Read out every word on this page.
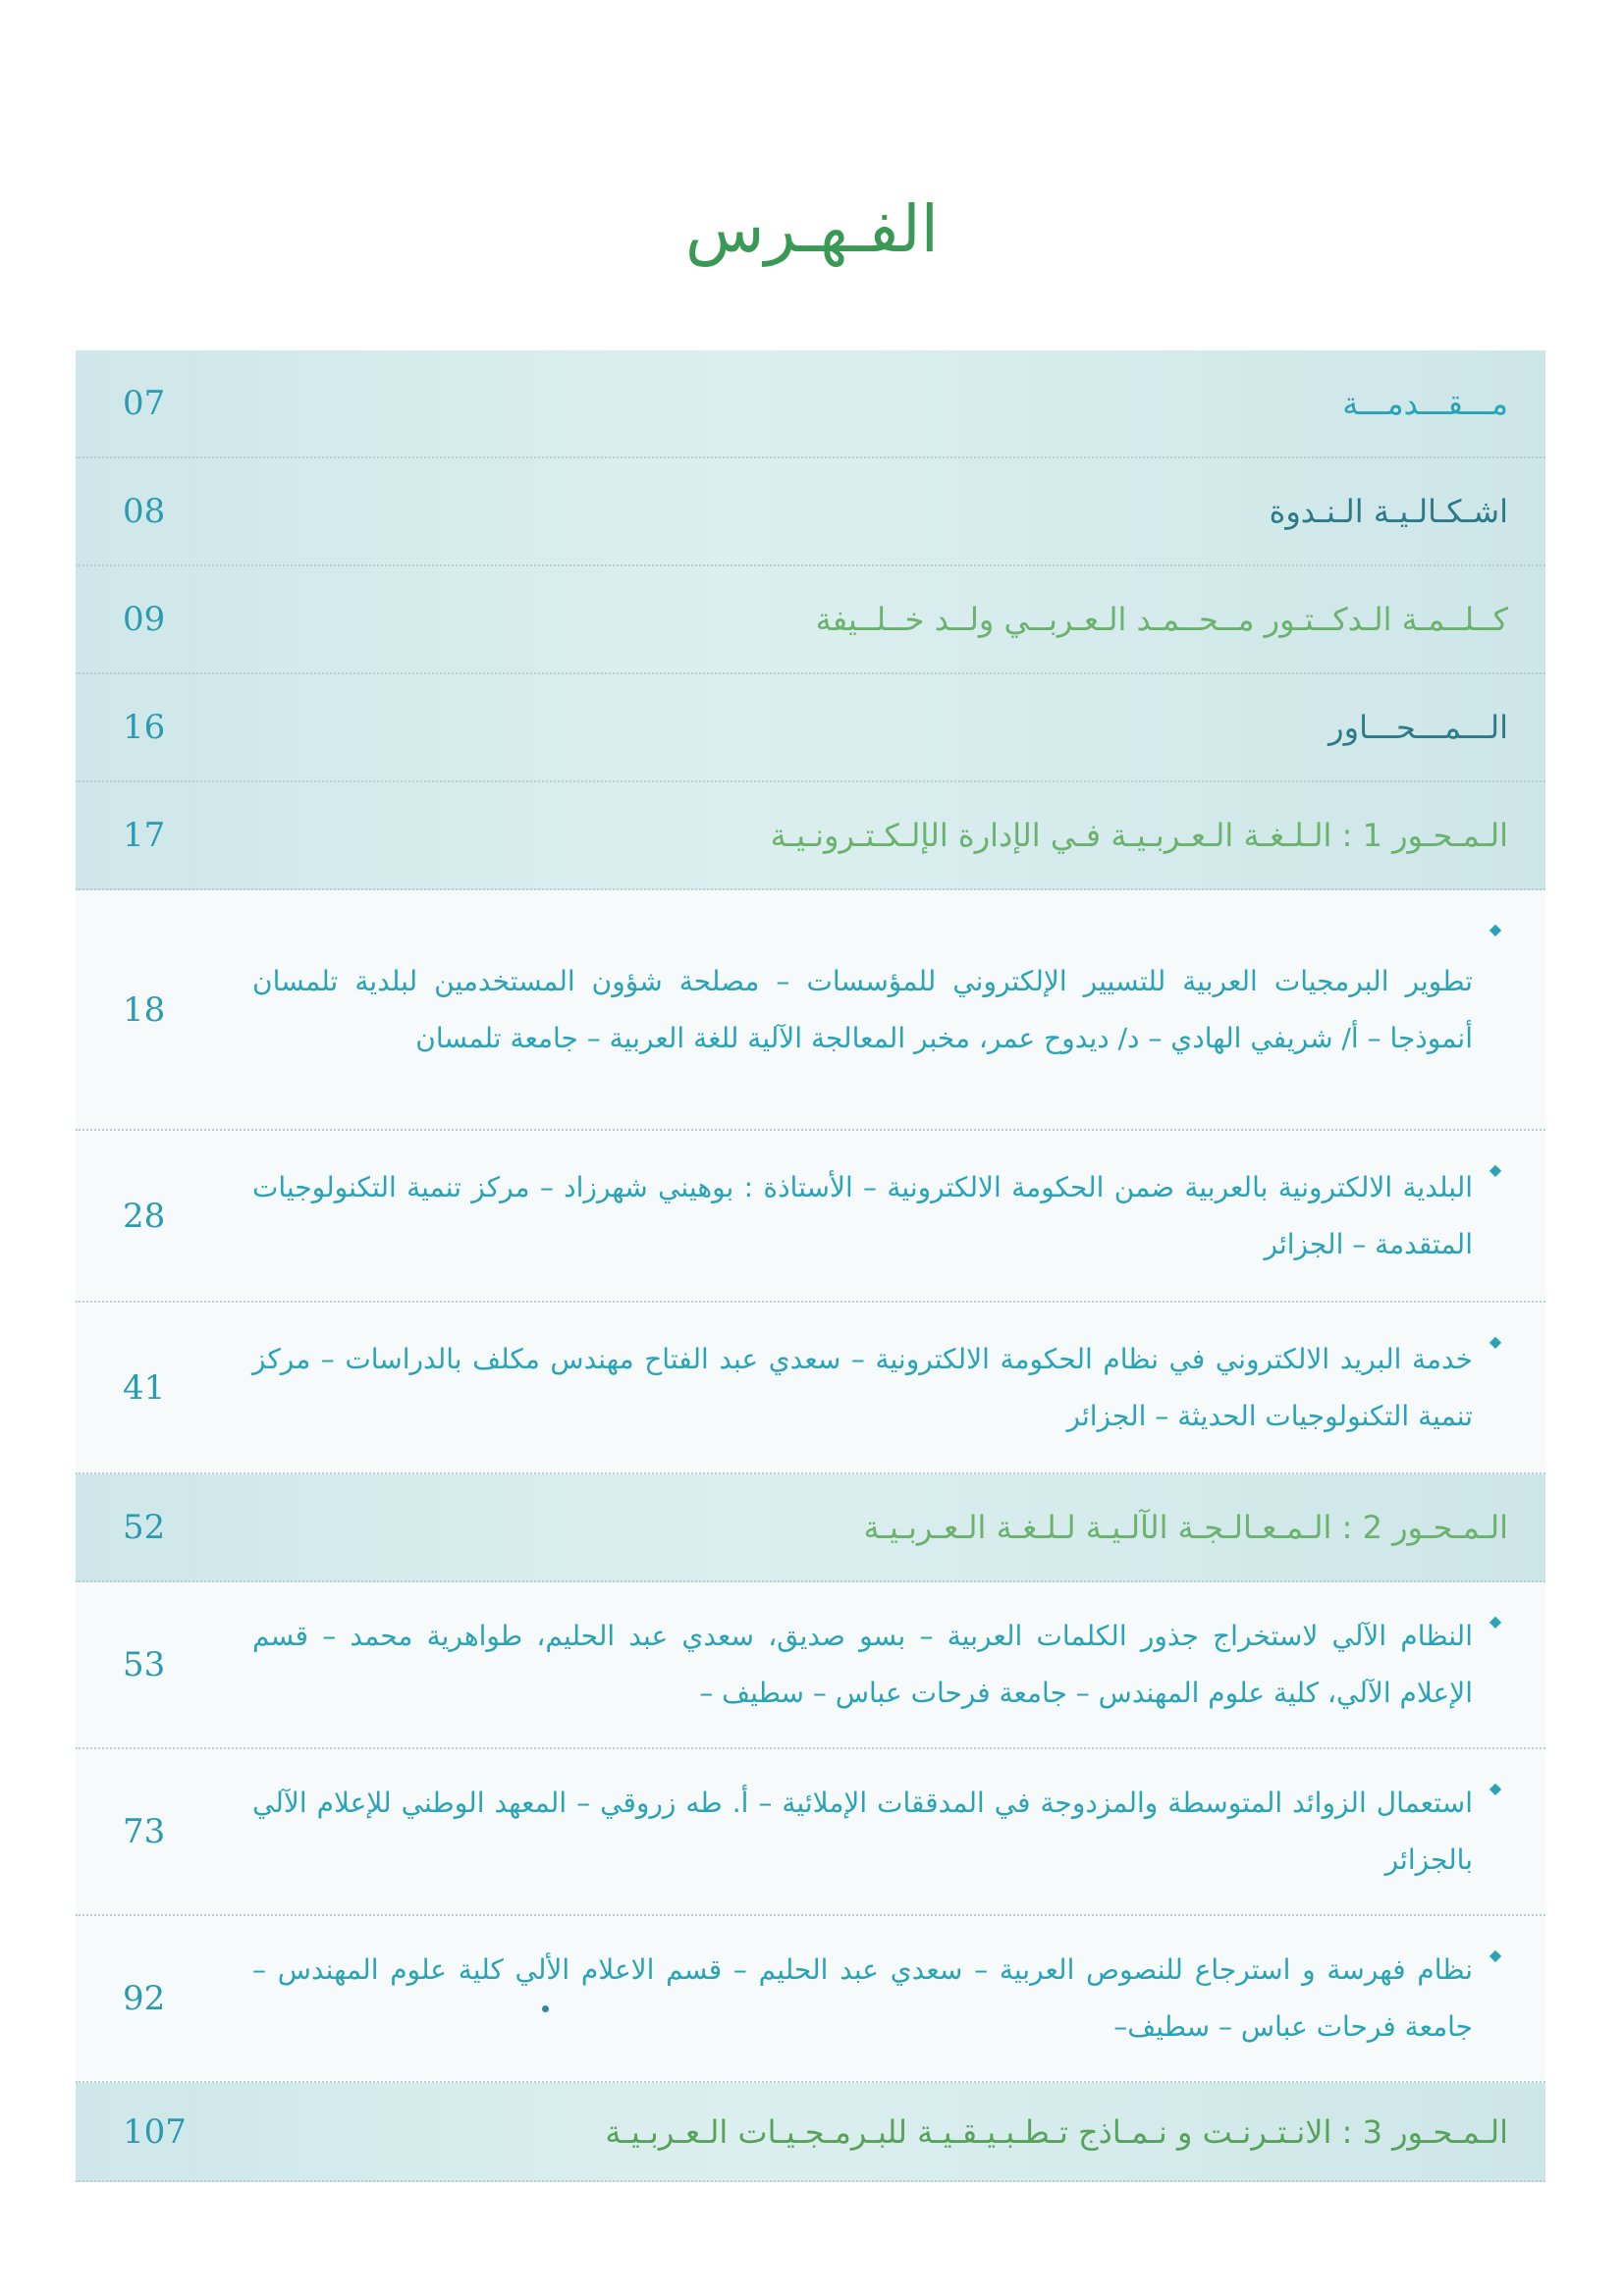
الفـهـرس
مـــقـــدمـــة
07
اشـكـالـيـة الـنـدوة
08
كــلــمـة الـدكــتـور مــحــمـد الـعـربــي ولــد خــلــيفة
09
الـــمـــحـــاور
16
الـمـحـور 1 : الـلـغـة الـعـربـيـة فـي الإدارة الإلـكـتـرونـيـة
17
◆
تطوير البرمجيات العربية للتسيير الإلكتروني للمؤسسات – مصلحة شؤون المستخدمين لبلدية تلمسان أنموذجا – أ/ شريفي الهادي – د/ ديدوح عمر، مخبر المعالجة الآلية للغة العربية – جامعة تلمسان
18
◆
البلدية الالكترونية بالعربية ضمن الحكومة الالكترونية – الأستاذة : بوهيني شهرزاد – مركز تنمية التكنولوجيات المتقدمة – الجزائر
28
◆
خدمة البريد الالكتروني في نظام الحكومة الالكترونية – سعدي عبد الفتاح مهندس مكلف بالدراسات – مركز تنمية التكنولوجيات الحديثة – الجزائر
41
الـمـحـور 2 : الـمـعـالـجـة الآلـيـة لـلـغـة الـعـربـيـة
52
◆
النظام الآلي لاستخراج جذور الكلمات العربية – بسو صديق، سعدي عبد الحليم، طواهرية محمد – قسم الإعلام الآلي، كلية علوم المهندس – جامعة فرحات عباس – سطيف –
53
◆
استعمال الزوائد المتوسطة والمزدوجة في المدققات الإملائية – أ. طه زروقي – المعهد الوطني للإعلام الآلي بالجزائر
73
◆
نظام فهرسة و استرجاع للنصوص العربية – سعدي عبد الحليم – قسم الاعلام الألي كلية علوم المهندس – جامعة فرحات عباس – سطيف–
92
الـمـحـور 3 : الانـتـرنـت و نـمـاذج تـطـبـيـقـيـة للبـرمـجـيـات الـعـربـيـة
107
